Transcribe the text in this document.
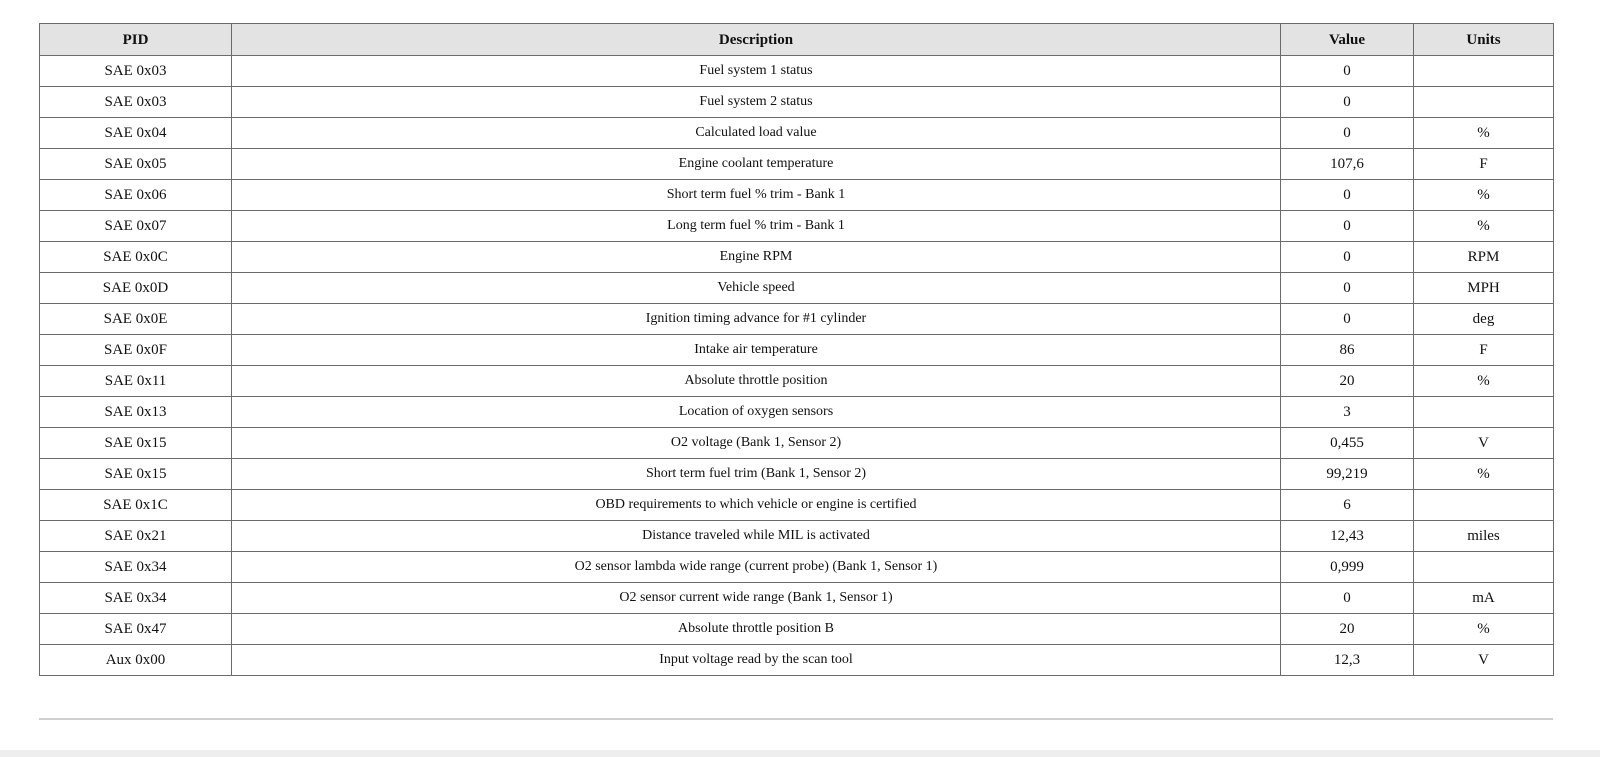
PID	Description	Value	Units
SAE 0x03	Fuel system 1 status	0	
SAE 0x03	Fuel system 2 status	0	
SAE 0x04	Calculated load value	0	%
SAE 0x05	Engine coolant temperature	107,6	F
SAE 0x06	Short term fuel % trim - Bank 1	0	%
SAE 0x07	Long term fuel % trim - Bank 1	0	%
SAE 0x0C	Engine RPM	0	RPM
SAE 0x0D	Vehicle speed	0	MPH
SAE 0x0E	Ignition timing advance for #1 cylinder	0	deg
SAE 0x0F	Intake air temperature	86	F
SAE 0x11	Absolute throttle position	20	%
SAE 0x13	Location of oxygen sensors	3	
SAE 0x15	O2 voltage (Bank 1, Sensor 2)	0,455	V
SAE 0x15	Short term fuel trim (Bank 1, Sensor 2)	99,219	%
SAE 0x1C	OBD requirements to which vehicle or engine is certified	6	
SAE 0x21	Distance traveled while MIL is activated	12,43	miles
SAE 0x34	O2 sensor lambda wide range (current probe) (Bank 1, Sensor 1)	0,999	
SAE 0x34	O2 sensor current wide range (Bank 1, Sensor 1)	0	mA
SAE 0x47	Absolute throttle position B	20	%
Aux 0x00	Input voltage read by the scan tool	12,3	V
